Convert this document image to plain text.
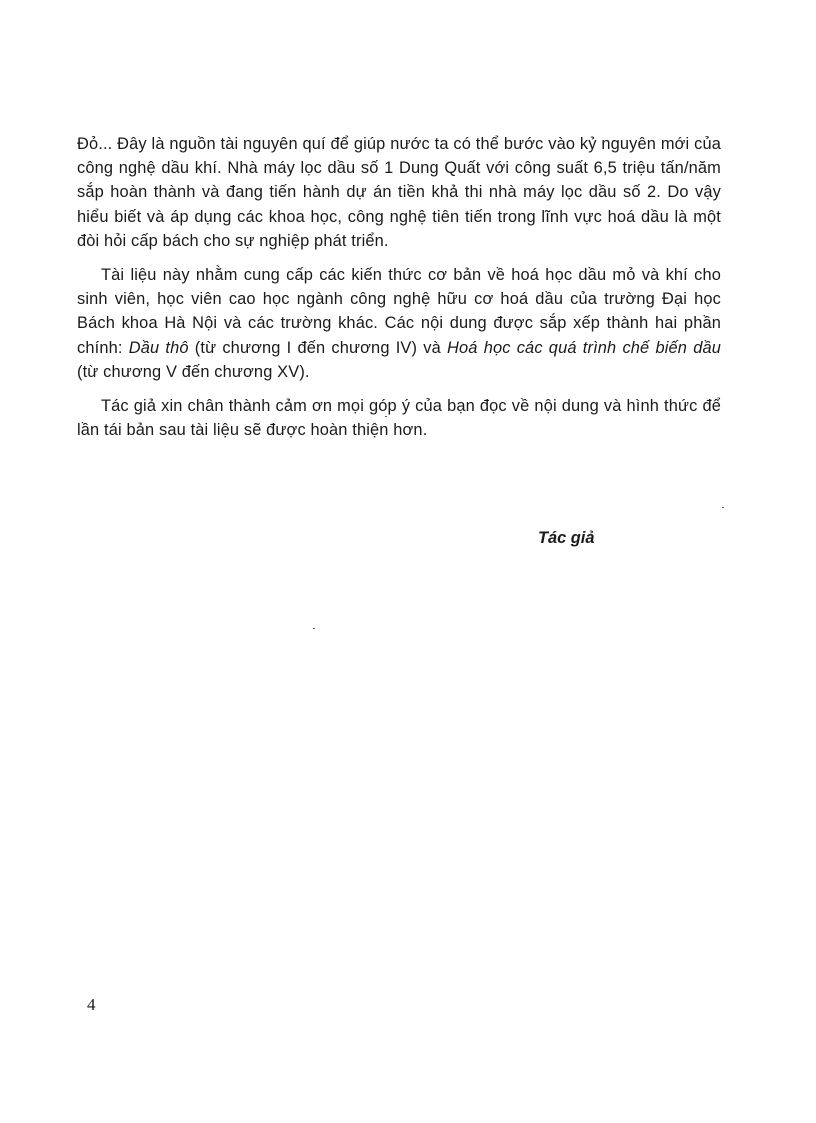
Đỏ... Đây là nguồn tài nguyên quí để giúp nước ta có thể bước vào kỷ nguyên mới của công nghệ dầu khí. Nhà máy lọc dầu số 1 Dung Quất với công suất 6,5 triệu tấn/năm sắp hoàn thành và đang tiến hành dự án tiền khả thi nhà máy lọc dầu số 2. Do vậy hiểu biết và áp dụng các khoa học, công nghệ tiên tiến trong lĩnh vực hoá dầu là một đòi hỏi cấp bách cho sự nghiệp phát triển.

Tài liệu này nhằm cung cấp các kiến thức cơ bản về hoá học dầu mỏ và khí cho sinh viên, học viên cao học ngành công nghệ hữu cơ hoá dầu của trường Đại học Bách khoa Hà Nội và các trường khác. Các nội dung được sắp xếp thành hai phần chính: Dầu thô (từ chương I đến chương IV) và Hoá học các quá trình chế biến dầu (từ chương V đến chương XV).

Tác giả xin chân thành cảm ơn mọi góp ý của bạn đọc về nội dung và hình thức để lần tái bản sau tài liệu sẽ được hoàn thiện hơn.

Tác giả
4
